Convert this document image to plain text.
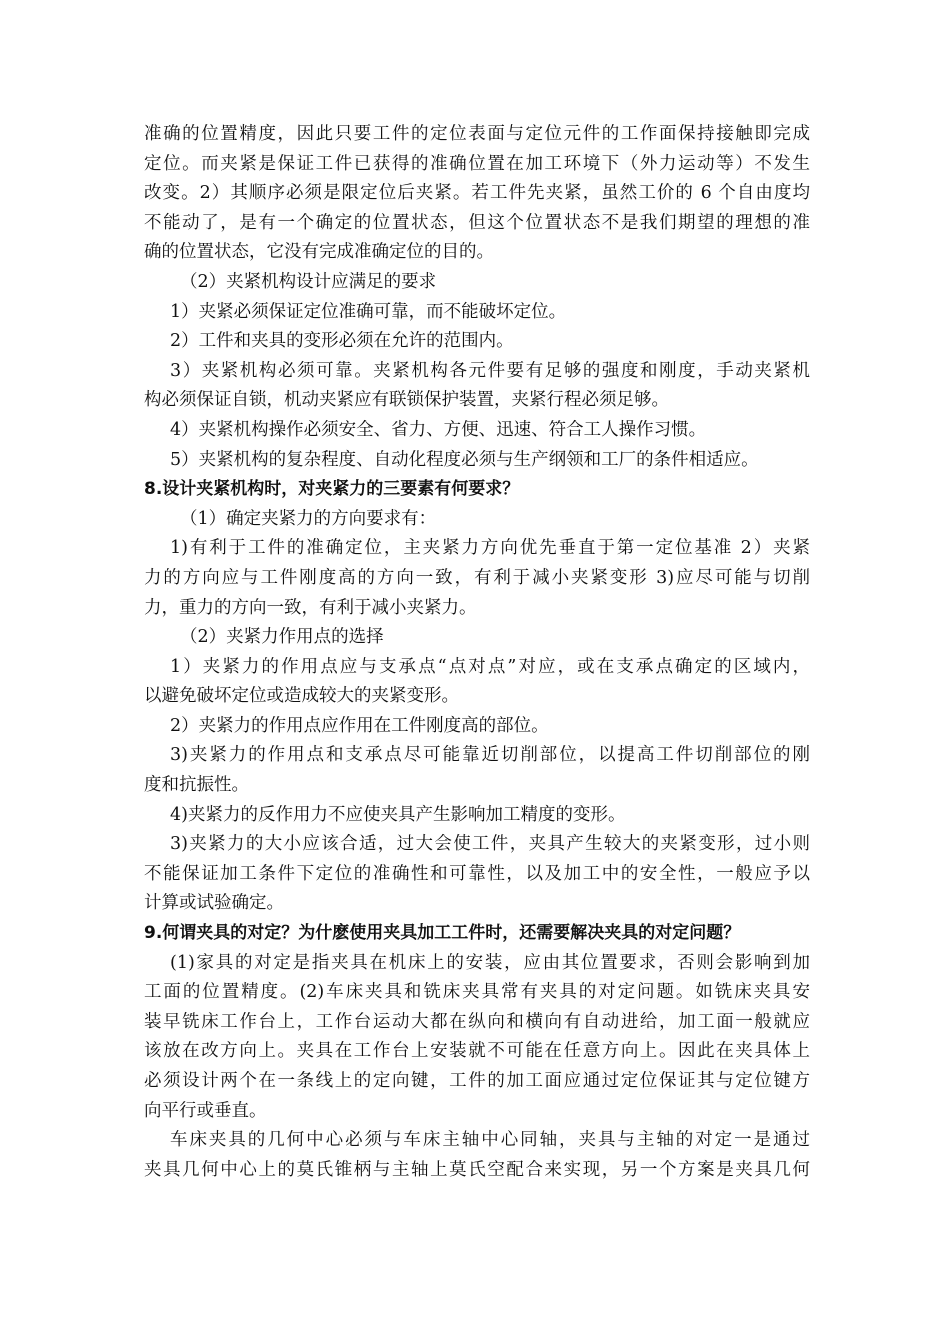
准确的位置精度，因此只要工件的定位表面与定位元件的工作面保持接触即完成
定位。而夹紧是保证工件已获得的准确位置在加工环境下（外力运动等）不发生
改变。2）其顺序必须是限定位后夹紧。若工件先夹紧，虽然工价的 6 个自由度均
不能动了，是有一个确定的位置状态，但这个位置状态不是我们期望的理想的准
确的位置状态，它没有完成准确定位的目的。
（2）夹紧机构设计应满足的要求
1）夹紧必须保证定位准确可靠，而不能破坏定位。
2）工件和夹具的变形必须在允许的范围内。
3）夹紧机构必须可靠。夹紧机构各元件要有足够的强度和刚度，手动夹紧机
构必须保证自锁，机动夹紧应有联锁保护装置，夹紧行程必须足够。
4）夹紧机构操作必须安全、省力、方便、迅速、符合工人操作习惯。
5）夹紧机构的复杂程度、自动化程度必须与生产纲领和工厂的条件相适应。
8.设计夹紧机构时，对夹紧力的三要素有何要求？
（1）确定夹紧力的方向要求有：
1)有利于工件的准确定位，主夹紧力方向优先垂直于第一定位基准 2）夹紧
力的方向应与工件刚度高的方向一致，有利于减小夹紧变形 3)应尽可能与切削
力，重力的方向一致，有利于减小夹紧力。
（2）夹紧力作用点的选择
1）夹紧力的作用点应与支承点“点对点”对应，或在支承点确定的区域内，
以避免破坏定位或造成较大的夹紧变形。
2）夹紧力的作用点应作用在工件刚度高的部位。
3)夹紧力的作用点和支承点尽可能靠近切削部位，以提高工件切削部位的刚
度和抗振性。
4)夹紧力的反作用力不应使夹具产生影响加工精度的变形。
3)夹紧力的大小应该合适，过大会使工件，夹具产生较大的夹紧变形，过小则
不能保证加工条件下定位的准确性和可靠性，以及加工中的安全性，一般应予以
计算或试验确定。
9.何谓夹具的对定？为什麽使用夹具加工工件时，还需要解决夹具的对定问题？
(1)家具的对定是指夹具在机床上的安装，应由其位置要求，否则会影响到加
工面的位置精度。(2)车床夹具和铣床夹具常有夹具的对定问题。如铣床夹具安
装早铣床工作台上，工作台运动大都在纵向和横向有自动进给，加工面一般就应
该放在改方向上。夹具在工作台上安装就不可能在任意方向上。因此在夹具体上
必须设计两个在一条线上的定向键，工件的加工面应通过定位保证其与定位键方
向平行或垂直。
车床夹具的几何中心必须与车床主轴中心同轴，夹具与主轴的对定一是通过
夹具几何中心上的莫氏锥柄与主轴上莫氏空配合来实现，另一个方案是夹具几何
